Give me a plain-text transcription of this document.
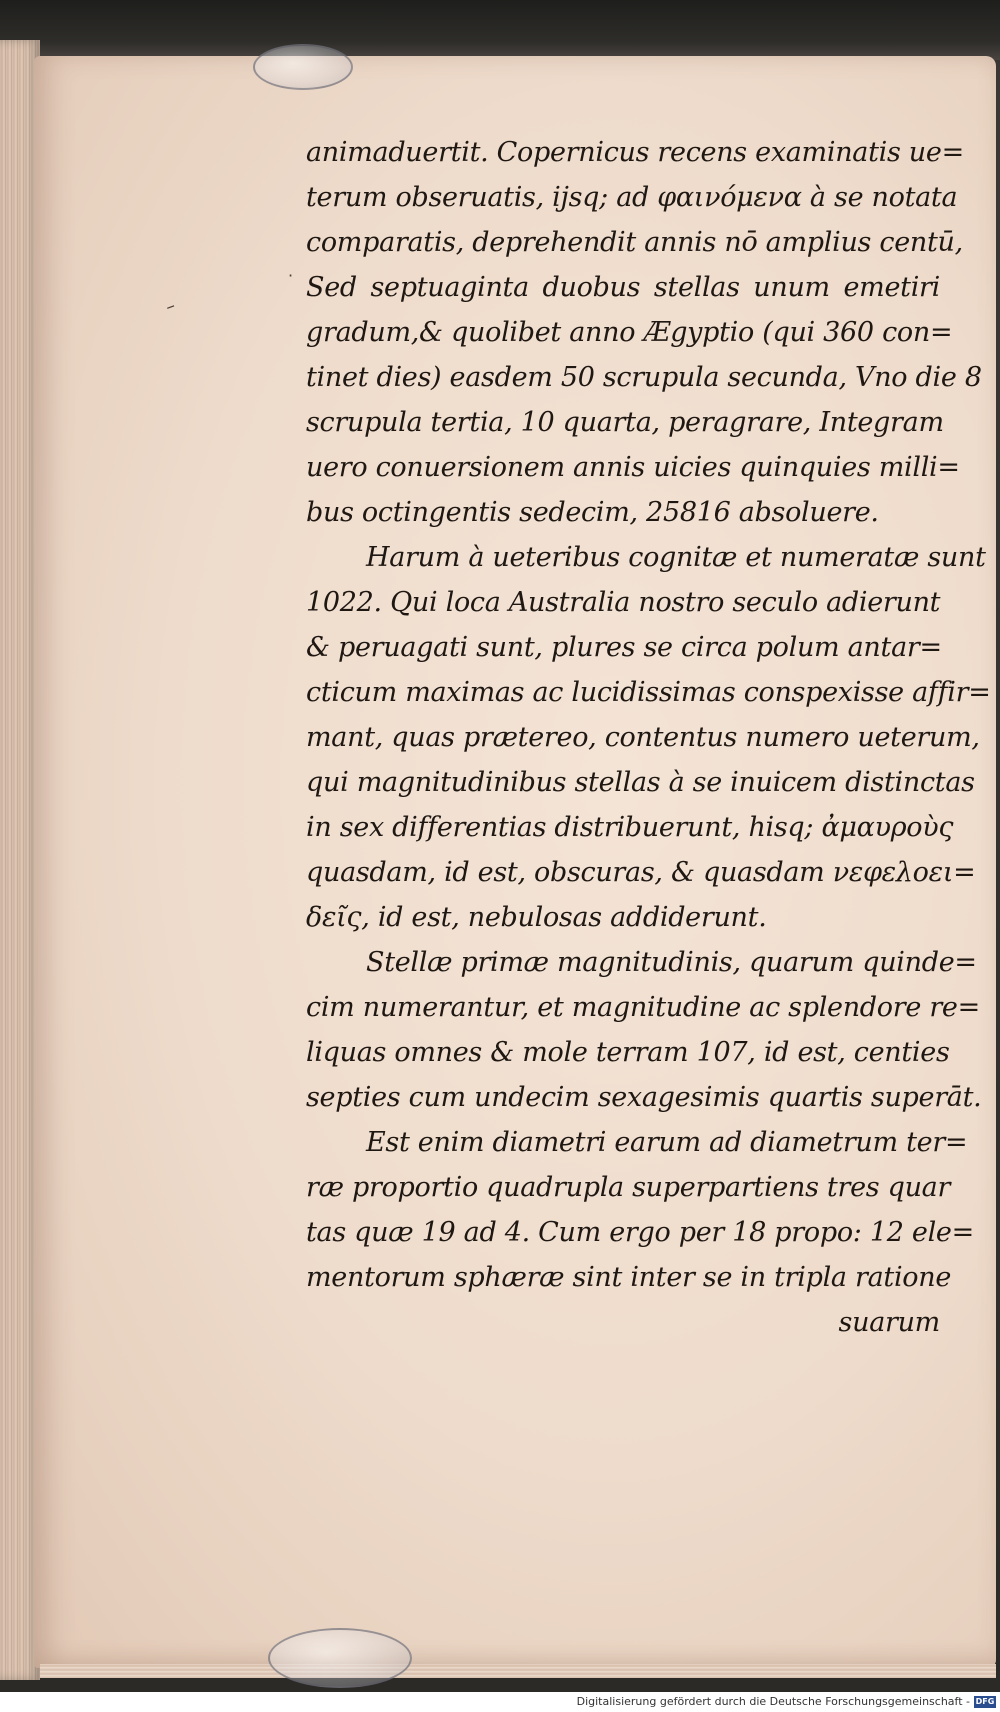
–
·
animaduertit. Copernicus recens examinatis ue=
terum obseruatis, ijsq; ad φαινόμενα à se notata
comparatis, deprehendit annis nō amplius centū,
Sed septuaginta duobus stellas unum emetiri
gradum,& quolibet anno Ægyptio (qui 360 con=
tinet dies) easdem 50 scrupula secunda, Vno die 8
scrupula tertia, 10 quarta, peragrare, Integram
uero conuersionem annis uicies quinquies milli=
bus octingentis sedecim, 25816 absoluere.
Harum à ueteribus cognitæ et numeratæ sunt
1022. Qui loca Australia nostro seculo adierunt
& peruagati sunt, plures se circa polum antar=
cticum maximas ac lucidissimas conspexisse affir=
mant, quas prætereo, contentus numero ueterum,
qui magnitudinibus stellas à se inuicem distinctas
in sex differentias distribuerunt, hisq; ἀμαυροὺς
quasdam, id est, obscuras, & quasdam νεφελοει=
δεῖς, id est, nebulosas addiderunt.
Stellæ primæ magnitudinis, quarum quinde=
cim numerantur, et magnitudine ac splendore re=
liquas omnes & mole terram 107, id est, centies
septies cum undecim sexagesimis quartis superāt.
Est enim diametri earum ad diametrum ter=
ræ proportio quadrupla superpartiens tres quar
tas quæ 19 ad 4. Cum ergo per 18 propo: 12 ele=
mentorum sphæræ sint inter se in tripla ratione
suarum
Digitalisierung gefördert durch die Deutsche Forschungsgemeinschaft - DFG
